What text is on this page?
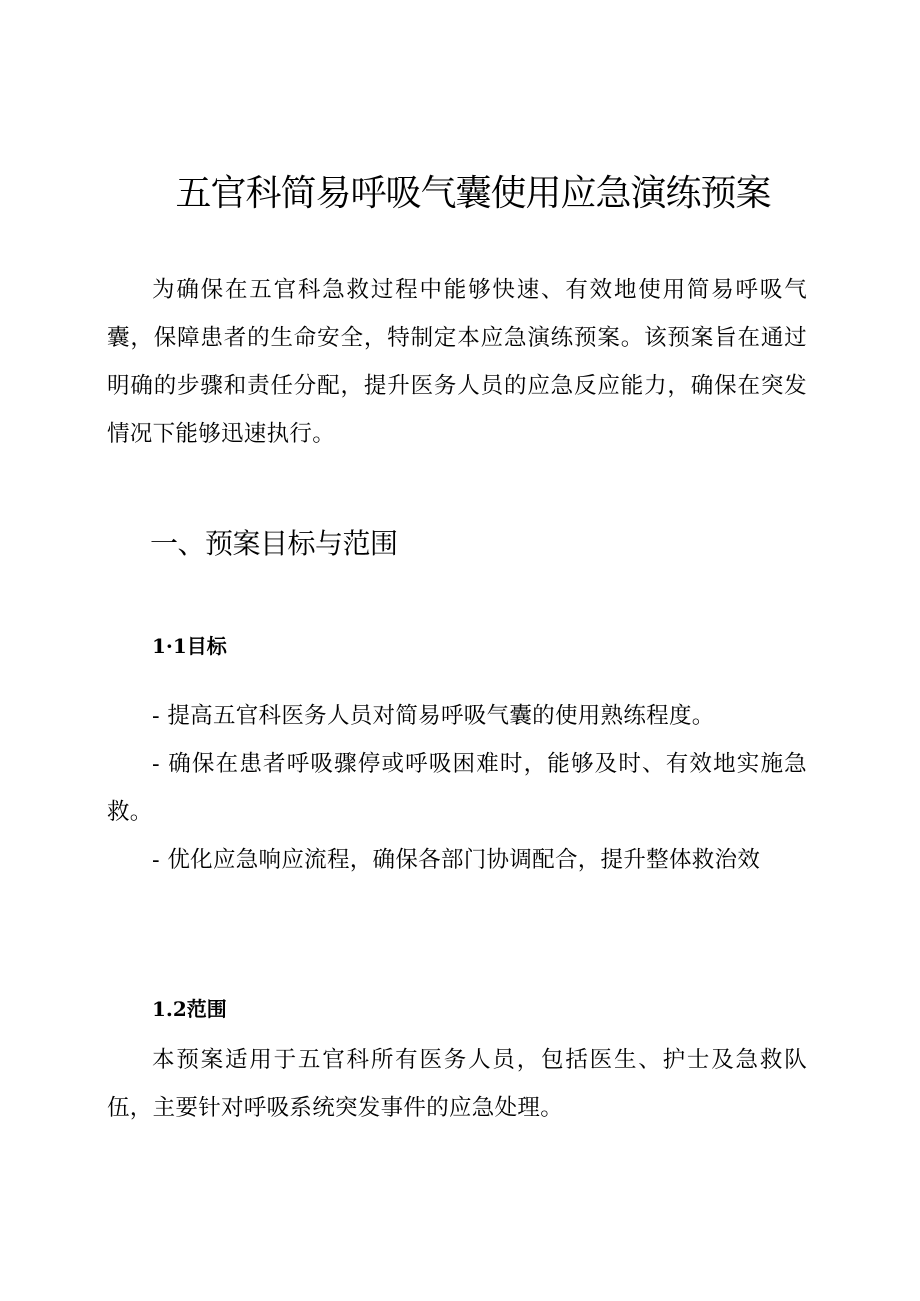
五官科简易呼吸气囊使用应急演练预案

为确保在五官科急救过程中能够快速、有效地使用简易呼吸气囊，保障患者的生命安全，特制定本应急演练预案。该预案旨在通过明确的步骤和责任分配，提升医务人员的应急反应能力，确保在突发情况下能够迅速执行。

一、预案目标与范围
1·1目标

- 提高五官科医务人员对简易呼吸气囊的使用熟练程度。

- 确保在患者呼吸骤停或呼吸困难时，能够及时、有效地实施急救。

- 优化应急响应流程，确保各部门协调配合，提升整体救治效

1.2范围

本预案适用于五官科所有医务人员，包括医生、护士及急救队伍，主要针对呼吸系统突发事件的应急处理。
